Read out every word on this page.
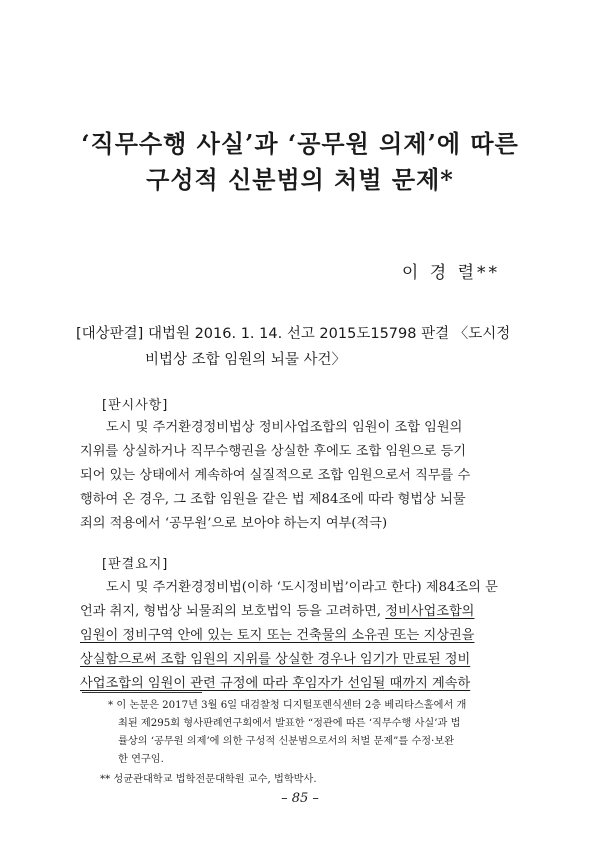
‘직무수행 사실’과 ‘공무원 의제’에 따른
구성적 신분범의 처벌 문제*
이 경 렬**
[대상판결] 대법원 2016. 1. 14. 선고 2015도15798 판결 〈도시정
비법상 조합 임원의 뇌물 사건〉
[판시사항]
도시 및 주거환경정비법상 정비사업조합의 임원이 조합 임원의
지위를 상실하거나 직무수행권을 상실한 후에도 조합 임원으로 등기
되어 있는 상태에서 계속하여 실질적으로 조합 임원으로서 직무를 수
행하여 온 경우, 그 조합 임원을 같은 법 제84조에 따라 형법상 뇌물
죄의 적용에서 ‘공무원’으로 보아야 하는지 여부(적극)
[판결요지]
도시 및 주거환경정비법(이하 ‘도시정비법’이라고 한다) 제84조의 문
언과 취지, 형법상 뇌물죄의 보호법익 등을 고려하면, 정비사업조합의
임원이 정비구역 안에 있는 토지 또는 건축물의 소유권 또는 지상권을
상실함으로써 조합 임원의 지위를 상실한 경우나 임기가 만료된 정비
사업조합의 임원이 관련 규정에 따라 후임자가 선임될 때까지 계속하
* 이 논문은 2017년 3월 6일 대검찰청 디지털포렌식센터 2층 베리타스홀에서 개
최된 제295회 형사판례연구회에서 발표한 “정관에 따른 ‘직무수행 사실’과 법
률상의 ‘공무원 의제’에 의한 구성적 신분범으로서의 처벌 문제”를 수정·보완
한 연구임.
** 성균관대학교 법학전문대학원 교수, 법학박사.
– 85 –
